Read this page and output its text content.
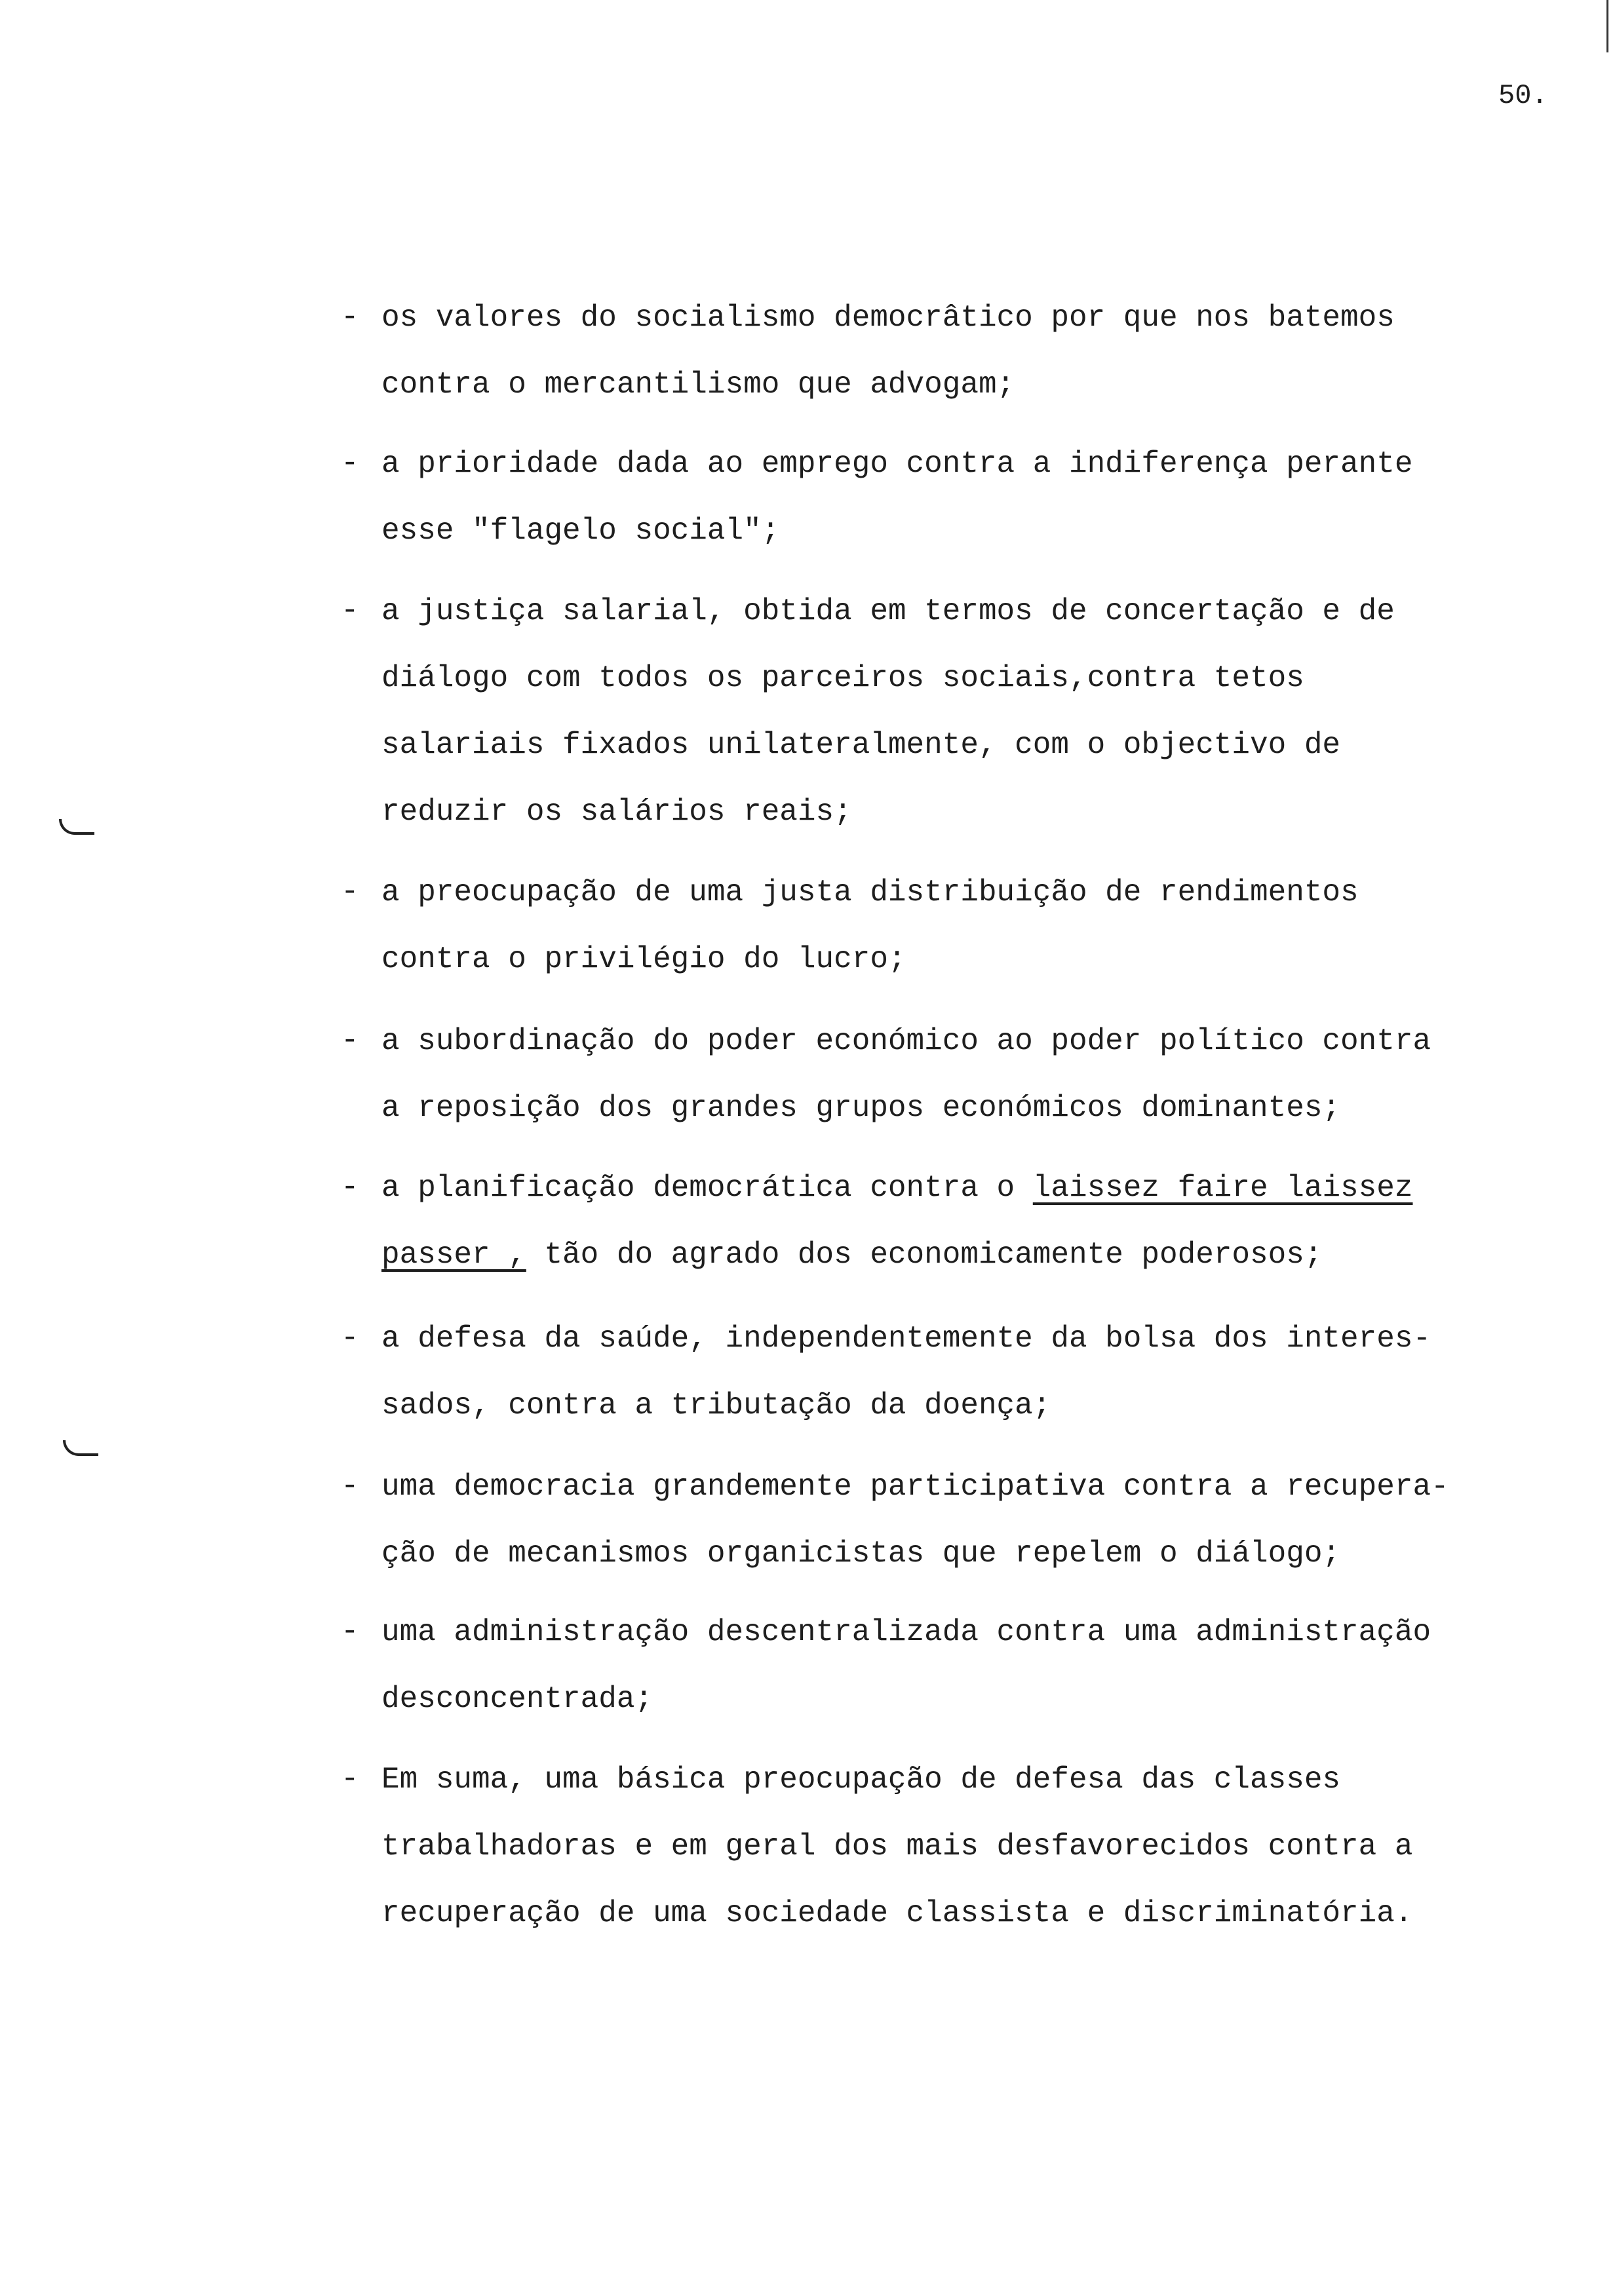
50.
- os valores do socialismo democrâtico por que nos batemos
contra o mercantilismo que advogam;
- a prioridade dada ao emprego contra a indiferença perante
esse "flagelo social";
- a justiça salarial, obtida em termos de concertação e de
diálogo com todos os parceiros sociais,contra tetos
salariais fixados unilateralmente, com o objectivo de
reduzir os salários reais;
- a preocupação de uma justa distribuição de rendimentos
contra o privilégio do lucro;
- a subordinação do poder económico ao poder político contra
a reposição dos grandes grupos económicos dominantes;
- a planificação democrática contra o laissez faire laissez
passer , tão do agrado dos economicamente poderosos;
- a defesa da saúde, independentemente da bolsa dos interes-
sados, contra a tributação da doença;
- uma democracia grandemente participativa contra a recupera-
ção de mecanismos organicistas que repelem o diálogo;
- uma administração descentralizada contra uma administração
desconcentrada;
- Em suma, uma básica preocupação de defesa das classes
trabalhadoras e em geral dos mais desfavorecidos contra a
recuperação de uma sociedade classista e discriminatória.
